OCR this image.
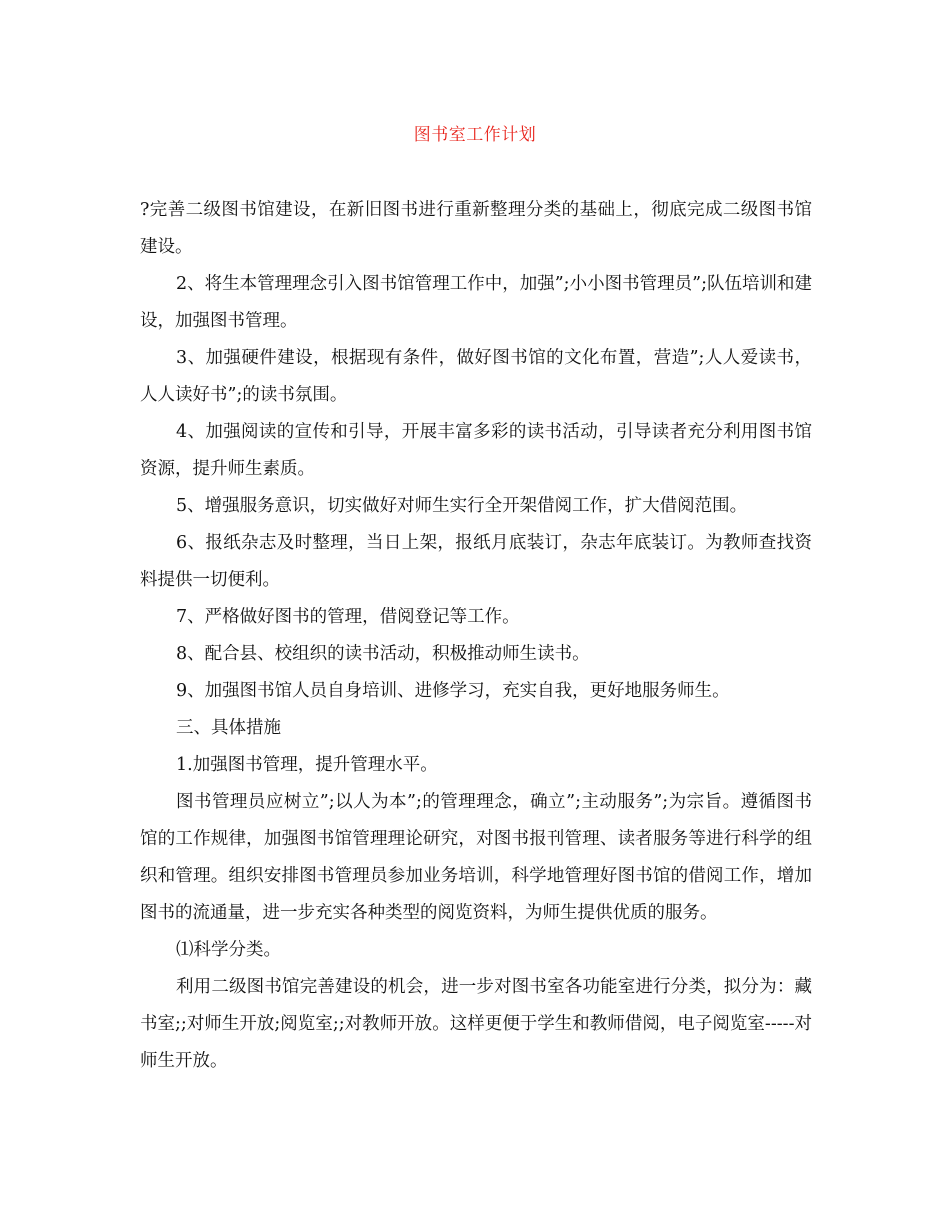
图书室工作计划

?完善二级图书馆建设，在新旧图书进行重新整理分类的基础上，彻底完成二级图书馆建设。

2、将生本管理理念引入图书馆管理工作中，加强”;小小图书管理员”;队伍培训和建设，加强图书管理。

3、加强硬件建设，根据现有条件，做好图书馆的文化布置，营造”;人人爱读书，人人读好书”;的读书氛围。

4、加强阅读的宣传和引导，开展丰富多彩的读书活动，引导读者充分利用图书馆资源，提升师生素质。

5、增强服务意识，切实做好对师生实行全开架借阅工作，扩大借阅范围。

6、报纸杂志及时整理，当日上架，报纸月底装订，杂志年底装订。为教师查找资料提供一切便利。

7、严格做好图书的管理，借阅登记等工作。

8、配合县、校组织的读书活动，积极推动师生读书。

9、加强图书馆人员自身培训、进修学习，充实自我，更好地服务师生。

三、具体措施

1.加强图书管理，提升管理水平。

图书管理员应树立”;以人为本”;的管理理念，确立”;主动服务”;为宗旨。遵循图书馆的工作规律，加强图书馆管理理论研究，对图书报刊管理、读者服务等进行科学的组织和管理。组织安排图书管理员参加业务培训，科学地管理好图书馆的借阅工作，增加图书的流通量，进一步充实各种类型的阅览资料，为师生提供优质的服务。

⑴科学分类。

利用二级图书馆完善建设的机会，进一步对图书室各功能室进行分类，拟分为：藏书室;;对师生开放;阅览室;;对教师开放。这样更便于学生和教师借阅，电子阅览室-----对师生开放。
